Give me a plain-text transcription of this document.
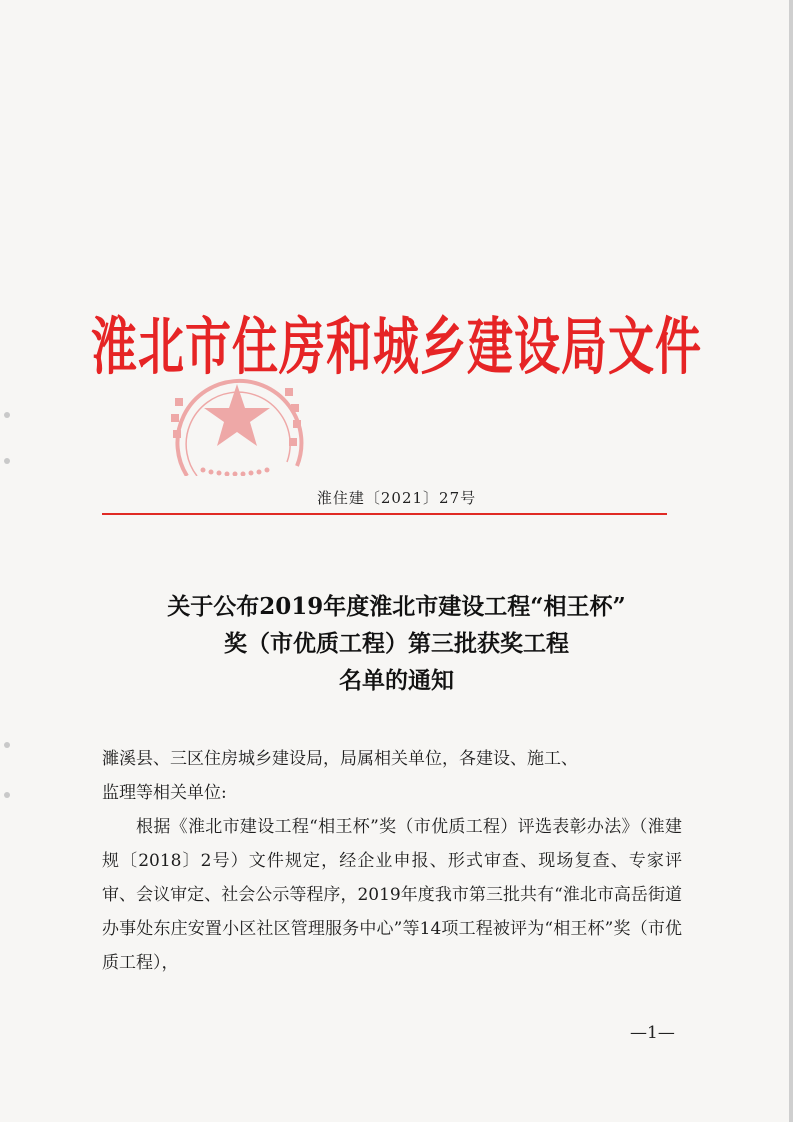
淮北市住房和城乡建设局文件
淮住建〔2021〕27号
关于公布2019年度淮北市建设工程“相王杯”
奖（市优质工程）第三批获奖工程
名单的通知

濉溪县、三区住房城乡建设局，局属相关单位，各建设、施工、

监理等相关单位:

根据《淮北市建设工程“相王杯”奖（市优质工程）评选表彰办法》（淮建规〔2018〕2号）文件规定，经企业申报、形式审查、现场复查、专家评审、会议审定、社会公示等程序，2019年度我市第三批共有“淮北市高岳街道办事处东庄安置小区社区管理服务中心”等14项工程被评为“相王杯”奖（市优质工程），

—1—
